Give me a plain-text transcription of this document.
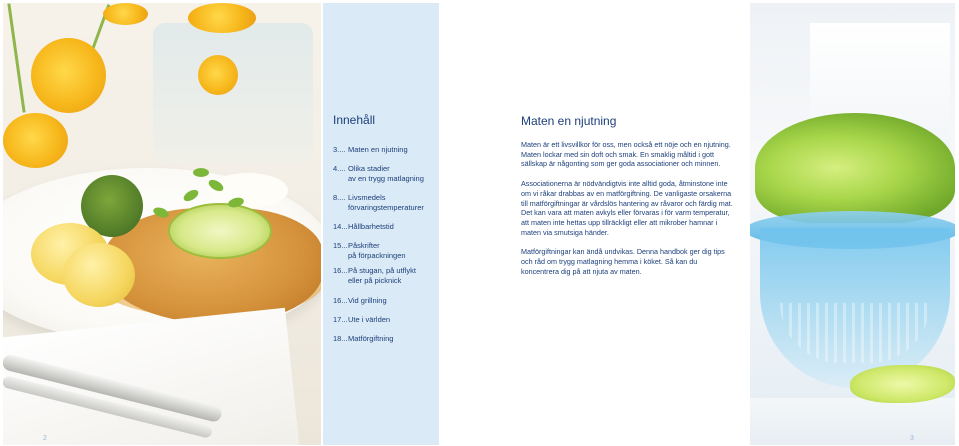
2
Innehåll
3.... Maten en njutning
4.... Olika stadier
av en trygg matlagning
8.... Livsmedels
förvaringstemperaturer
14... Hållbarhetstid
15... Påskrifter
på förpackningen
16... På stugan, på utflykt
eller på picknick
16... Vid grillning
17... Ute i världen
18... Matförgiftning
Maten en njutning

Maten är ett livsvillkor för oss, men också ett nöje och en njutning. Maten lockar med sin doft och smak. En smaklig måltid i gott sällskap är någonting som ger goda associationer och minnen.

Associationerna är nödvändigtvis inte alltid goda, åtminstone inte om vi råkar drabbas av en matförgiftning. De vanligaste orsakerna till matförgiftningar är vårdslös hantering av råvaror och färdig mat. Det kan vara att maten avkyls eller förvaras i för varm temperatur, att maten inte hettas upp tillräckligt eller att mikrober hamnar i maten via smutsiga händer.

Matförgiftningar kan ändå undvikas. Denna handbok ger dig tips och råd om trygg matlagning hemma i köket. Så kan du koncentrera dig på att njuta av maten.

3
